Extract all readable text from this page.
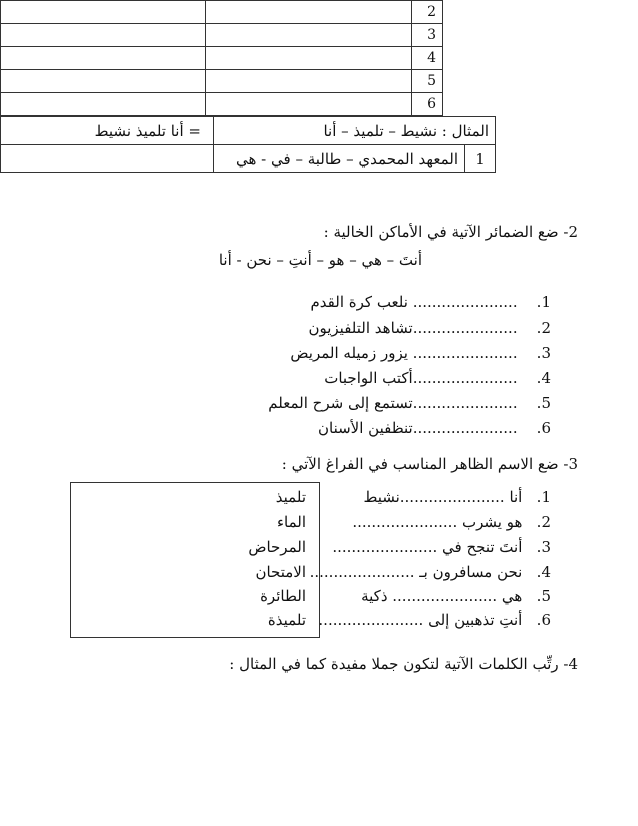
		2
		3
		4
		5
		6
2- ضع الضمائر الآتية في الأماكن الخالية :
أنتَ – هي – هو – أنتِ – نحن - أنا
1.    ...................... نلعب كرة القدم
2.    ......................تشاهد التلفيزيون
3.    ...................... يزور زميله المريض
4.    ......................أكتب الواجبات
5.    ......................تستمع إلى شرح المعلم
6.    ......................تنظفين الأسنان
3- ضع الاسم الظاهر المناسب في الفراغ الآتي :
تلميذ
الماء
المرحاض
الامتحان
الطائرة
تلميذة
1.   أنا ......................نشيط
2.   هو يشرب ......................
3.   أنتَ تنجح في ......................
4.   نحن مسافرون بـ ......................
5.   هي ...................... ذكية
6.   أنتِ تذهبين إلى ......................
4- رتِّب الكلمات الآتية لتكون جملا مفيدة كما في المثال :
= أنا تلميذ نشيط	المثال : نشيط – تلميذ – أنا	
	المعهد المحمدي – طالبة – في - هي	1
